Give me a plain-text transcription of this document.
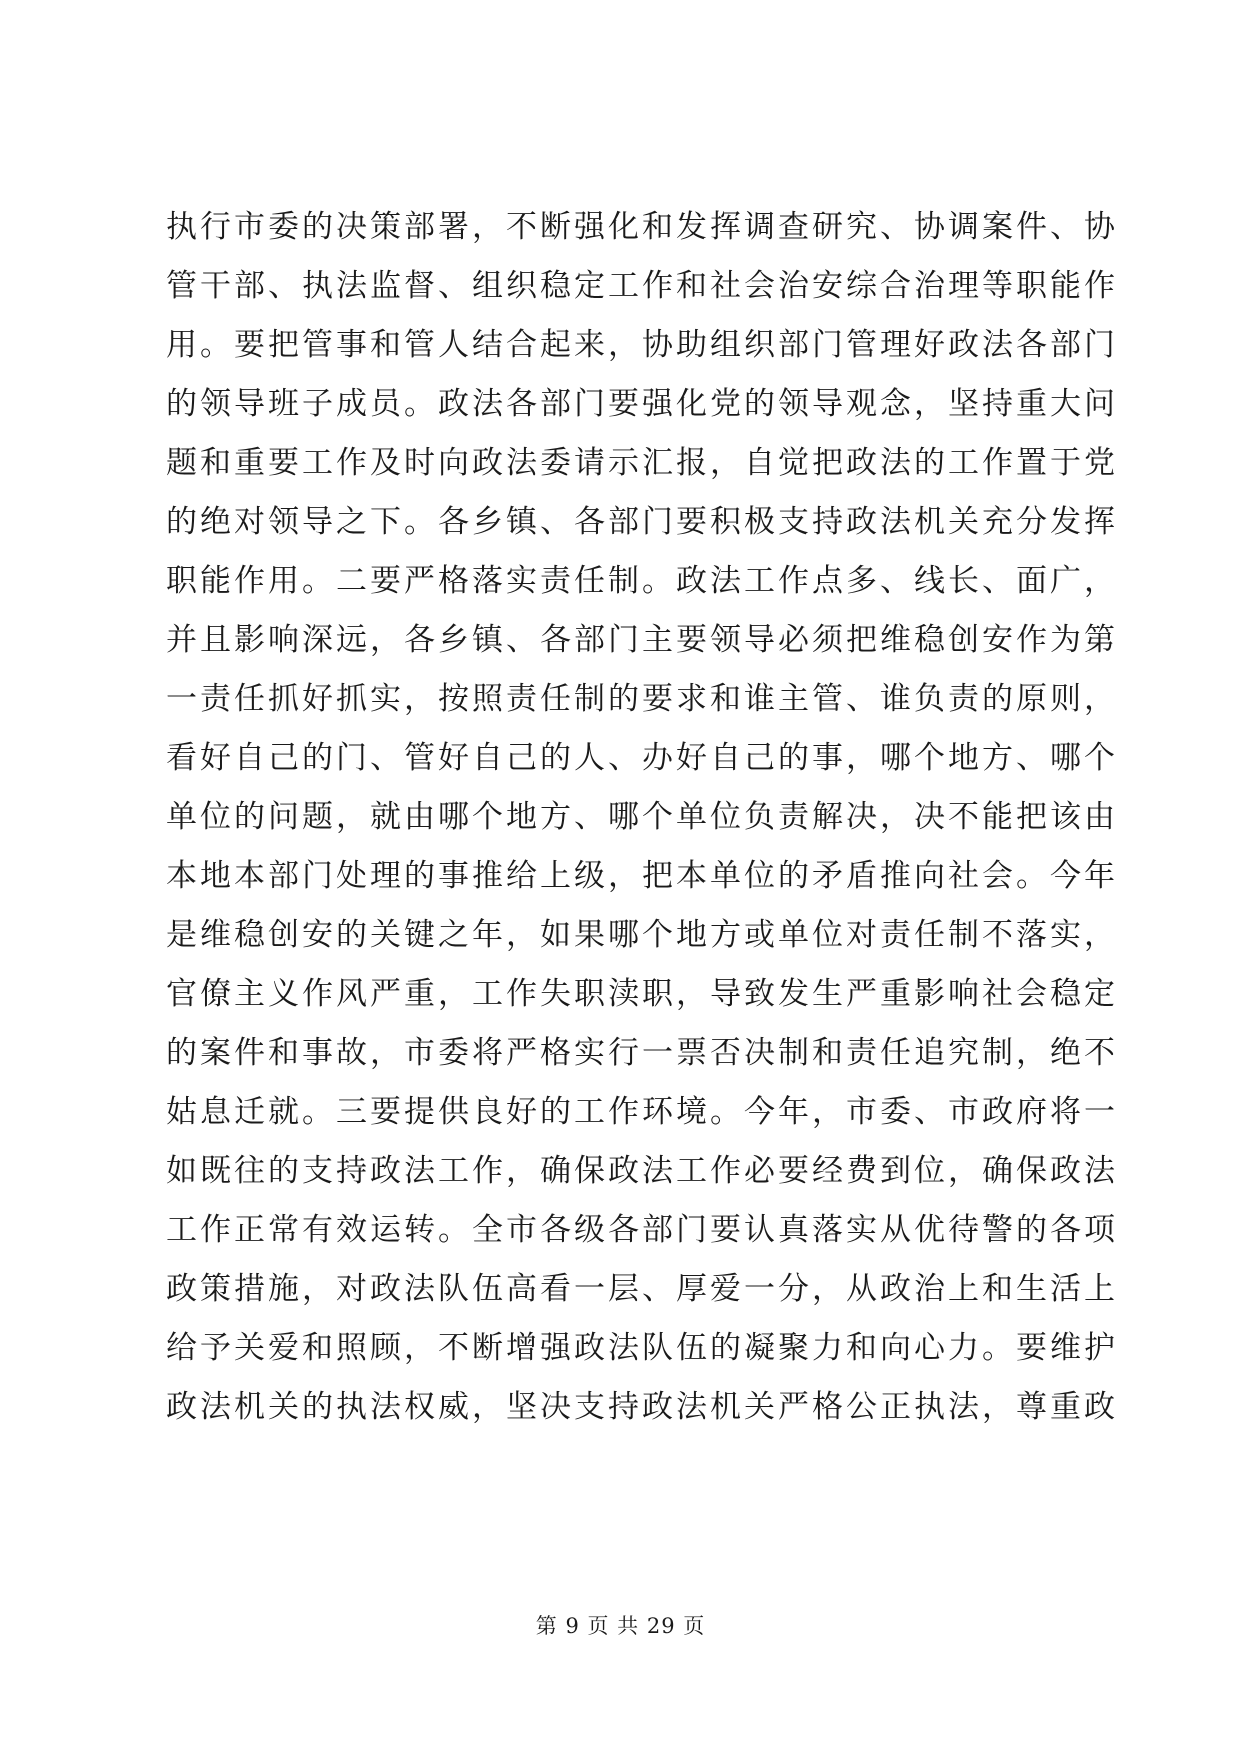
执行市委的决策部署，不断强化和发挥调查研究、协调案件、协
管干部、执法监督、组织稳定工作和社会治安综合治理等职能作
用。要把管事和管人结合起来，协助组织部门管理好政法各部门
的领导班子成员。政法各部门要强化党的领导观念，坚持重大问
题和重要工作及时向政法委请示汇报，自觉把政法的工作置于党
的绝对领导之下。各乡镇、各部门要积极支持政法机关充分发挥
职能作用。二要严格落实责任制。政法工作点多、线长、面广，
并且影响深远，各乡镇、各部门主要领导必须把维稳创安作为第
一责任抓好抓实，按照责任制的要求和谁主管、谁负责的原则，
看好自己的门、管好自己的人、办好自己的事，哪个地方、哪个
单位的问题，就由哪个地方、哪个单位负责解决，决不能把该由
本地本部门处理的事推给上级，把本单位的矛盾推向社会。今年
是维稳创安的关键之年，如果哪个地方或单位对责任制不落实，
官僚主义作风严重，工作失职渎职，导致发生严重影响社会稳定
的案件和事故，市委将严格实行一票否决制和责任追究制，绝不
姑息迁就。三要提供良好的工作环境。今年，市委、市政府将一
如既往的支持政法工作，确保政法工作必要经费到位，确保政法
工作正常有效运转。全市各级各部门要认真落实从优待警的各项
政策措施，对政法队伍高看一层、厚爱一分，从政治上和生活上
给予关爱和照顾，不断增强政法队伍的凝聚力和向心力。要维护
政法机关的执法权威，坚决支持政法机关严格公正执法，尊重政
第 9 页 共 29 页
